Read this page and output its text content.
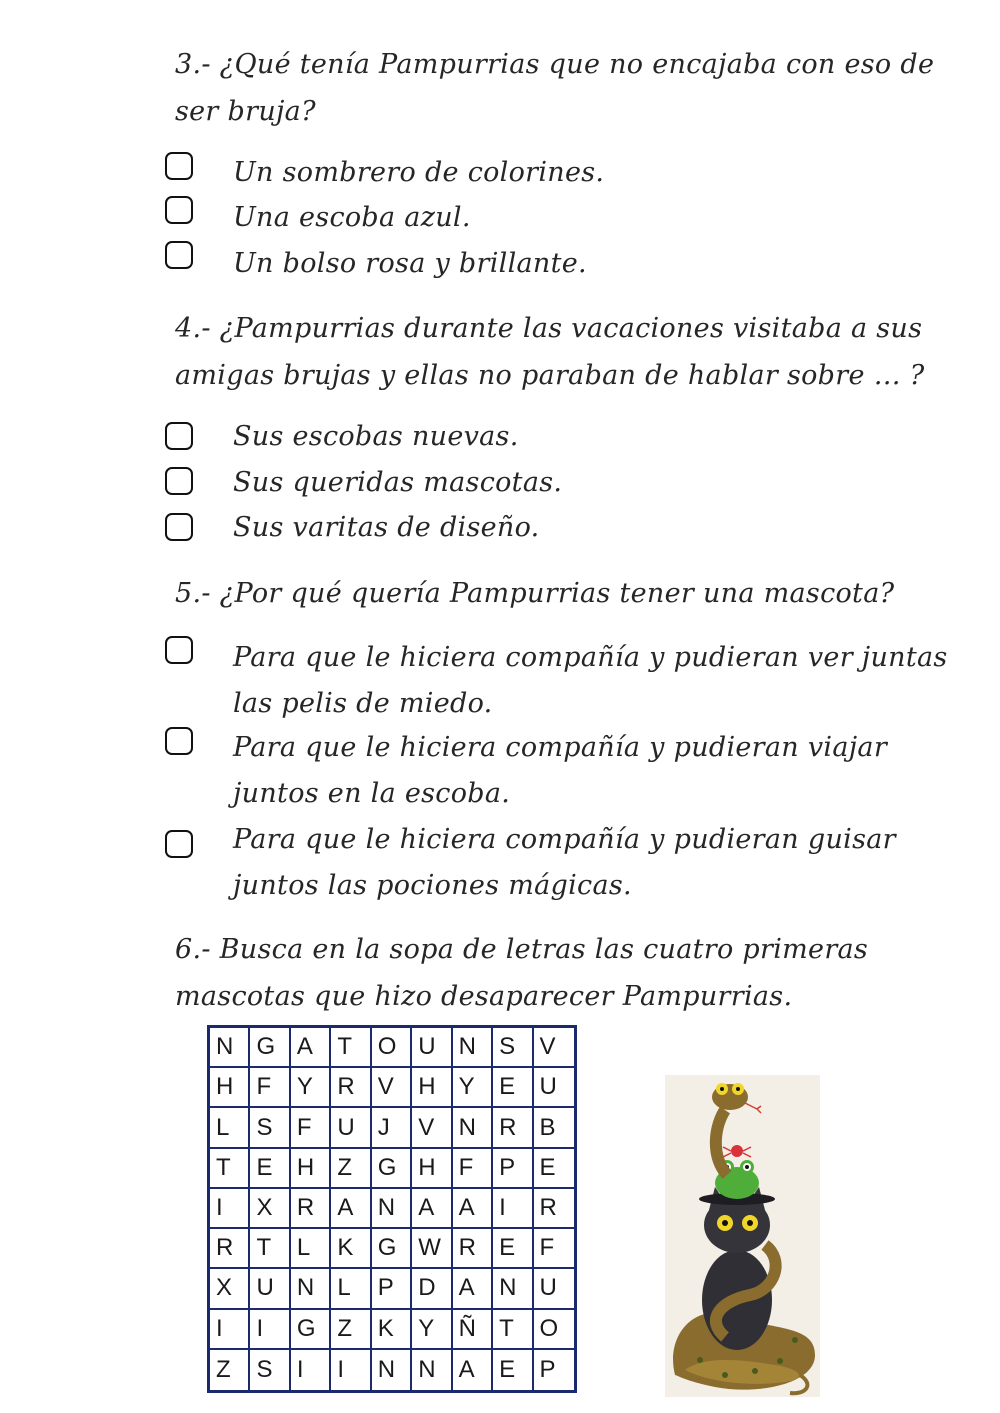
3.- ¿Qué tenía Pampurrias que no encajaba con eso de ser bruja?
Un sombrero de colorines.
Una escoba azul.
Un bolso rosa y brillante.
4.- ¿Pampurrias durante las vacaciones visitaba a sus amigas brujas y ellas no paraban de hablar sobre … ?
Sus escobas nuevas.
Sus queridas mascotas.
Sus varitas de diseño.
5.- ¿Por qué quería Pampurrias tener una mascota?
Para que le hiciera compañía y pudieran ver juntas las pelis de miedo.
Para que le hiciera compañía y pudieran viajar juntos en la escoba.
Para que le hiciera compañía y pudieran guisar juntos las pociones mágicas.
6.- Busca en la sopa de letras las cuatro primeras mascotas que hizo desaparecer Pampurrias.
N G A	T	O U N S	V
H F	Y	R V	H Y	E	U
L	S	F	U J	V	N R B
T	E	H Z	G H F	P	E
I	X	R A	N A	A	I	R
R T	L	K	G W R E	F
X	U N L	P	D A	N U
I	I	G Z	K	Y	Ñ T	O
Z	S	I	I	N N A	E	P
